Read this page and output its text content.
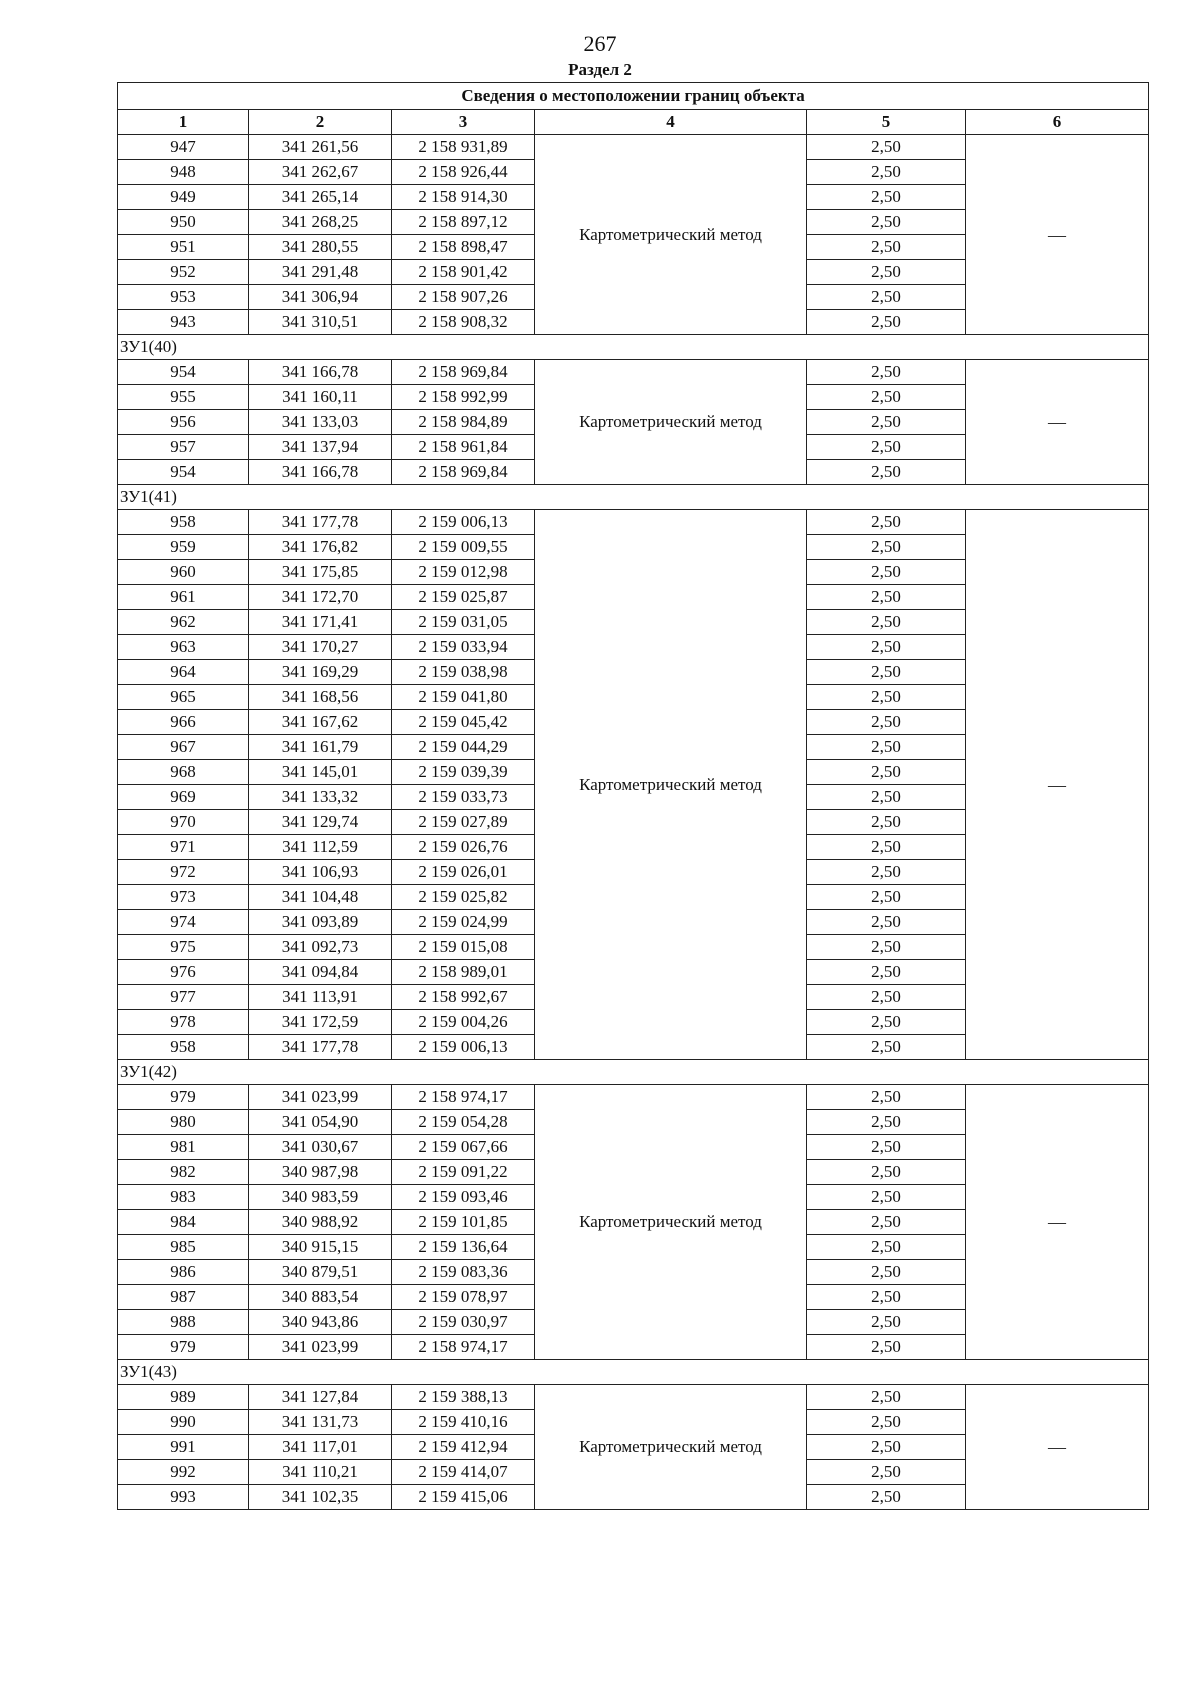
267
Раздел 2
Сведения о местоположении границ объекта					
1	2	3	4	5	6
947	341 261,56	2 158 931,89	Картометрический метод	2,50	—
948	341 262,67	2 158 926,44		2,50	
949	341 265,14	2 158 914,30		2,50	
950	341 268,25	2 158 897,12		2,50	
951	341 280,55	2 158 898,47		2,50	
952	341 291,48	2 158 901,42		2,50	
953	341 306,94	2 158 907,26		2,50	
943	341 310,51	2 158 908,32		2,50	
ЗУ1(40)					
954	341 166,78	2 158 969,84	Картометрический метод	2,50	—
955	341 160,11	2 158 992,99		2,50	
956	341 133,03	2 158 984,89		2,50	
957	341 137,94	2 158 961,84		2,50	
954	341 166,78	2 158 969,84		2,50	
ЗУ1(41)					
958	341 177,78	2 159 006,13	Картометрический метод	2,50	—
959	341 176,82	2 159 009,55		2,50	
960	341 175,85	2 159 012,98		2,50	
961	341 172,70	2 159 025,87		2,50	
962	341 171,41	2 159 031,05		2,50	
963	341 170,27	2 159 033,94		2,50	
964	341 169,29	2 159 038,98		2,50	
965	341 168,56	2 159 041,80		2,50	
966	341 167,62	2 159 045,42		2,50	
967	341 161,79	2 159 044,29		2,50	
968	341 145,01	2 159 039,39		2,50	
969	341 133,32	2 159 033,73		2,50	
970	341 129,74	2 159 027,89		2,50	
971	341 112,59	2 159 026,76		2,50	
972	341 106,93	2 159 026,01		2,50	
973	341 104,48	2 159 025,82		2,50	
974	341 093,89	2 159 024,99		2,50	
975	341 092,73	2 159 015,08		2,50	
976	341 094,84	2 158 989,01		2,50	
977	341 113,91	2 158 992,67		2,50	
978	341 172,59	2 159 004,26		2,50	
958	341 177,78	2 159 006,13		2,50	
ЗУ1(42)					
979	341 023,99	2 158 974,17	Картометрический метод	2,50	—
980	341 054,90	2 159 054,28		2,50	
981	341 030,67	2 159 067,66		2,50	
982	340 987,98	2 159 091,22		2,50	
983	340 983,59	2 159 093,46		2,50	
984	340 988,92	2 159 101,85		2,50	
985	340 915,15	2 159 136,64		2,50	
986	340 879,51	2 159 083,36		2,50	
987	340 883,54	2 159 078,97		2,50	
988	340 943,86	2 159 030,97		2,50	
979	341 023,99	2 158 974,17		2,50	
ЗУ1(43)					
989	341 127,84	2 159 388,13	Картометрический метод	2,50	—
990	341 131,73	2 159 410,16		2,50	
991	341 117,01	2 159 412,94		2,50	
992	341 110,21	2 159 414,07		2,50	
993	341 102,35	2 159 415,06		2,50	
